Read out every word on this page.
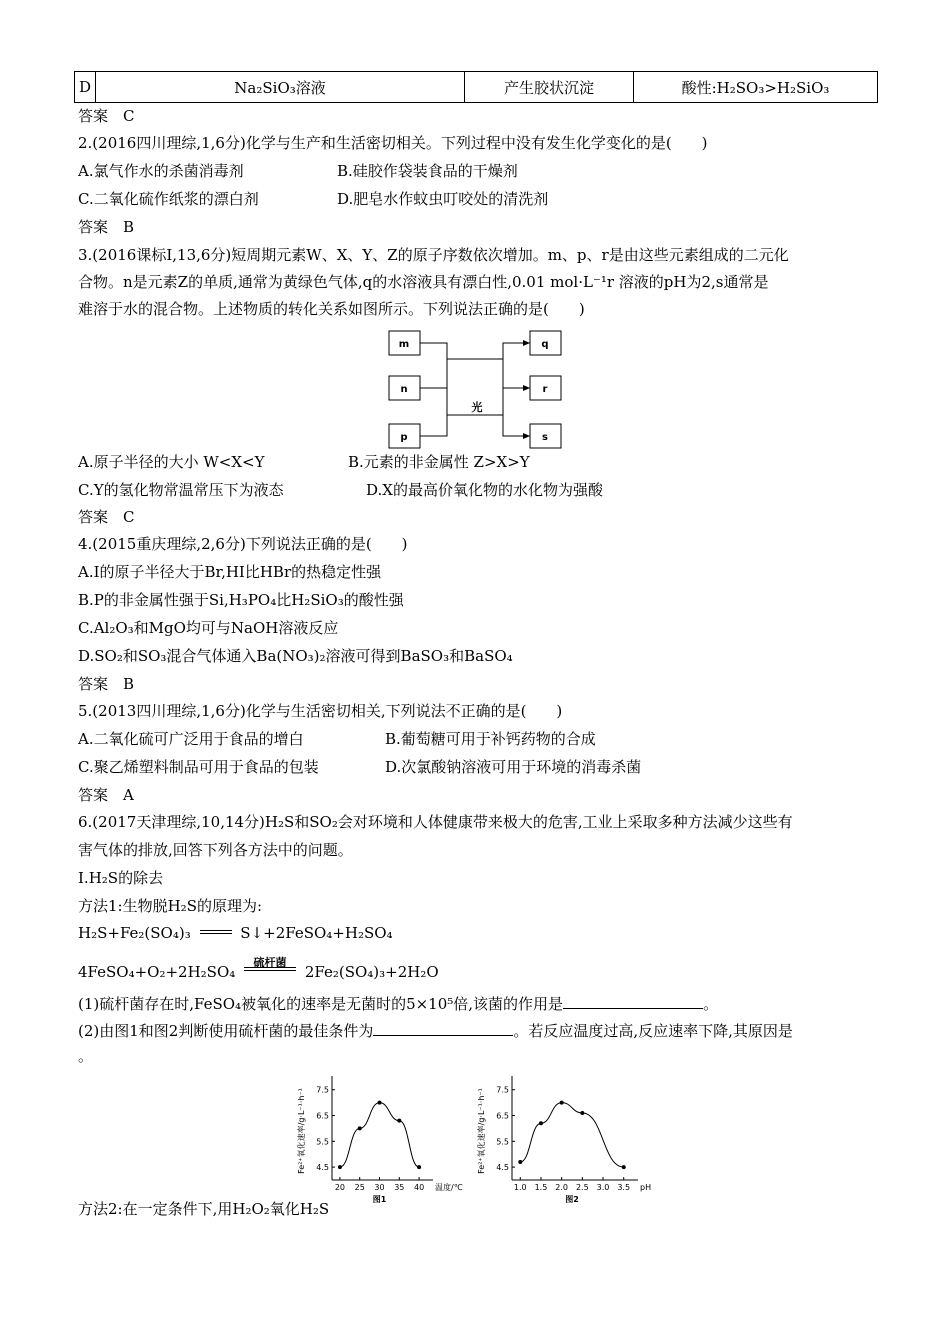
D	Na₂SiO₃溶液	产生胶状沉淀	酸性:H₂SO₃>H₂SiO₃
答案　C
2.(2016四川理综,1,6分)化学与生产和生活密切相关。下列过程中没有发生化学变化的是(　　)
A.氯气作水的杀菌消毒剂	B.硅胶作袋装食品的干燥剂
C.二氧化硫作纸浆的漂白剂	D.肥皂水作蚊虫叮咬处的清洗剂
答案　B
3.(2016课标Ⅰ,13,6分)短周期元素W、X、Y、Z的原子序数依次增加。m、p、r是由这些元素组成的二元化
合物。n是元素Z的单质,通常为黄绿色气体,q的水溶液具有漂白性,0.01 mol·L⁻¹r 溶液的pH为2,s通常是
难溶于水的混合物。上述物质的转化关系如图所示。下列说法正确的是(　　)
m
n
p
q
r
s
光
A.原子半径的大小 W<X<Y	B.元素的非金属性 Z>X>Y
C.Y的氢化物常温常压下为液态	D.X的最高价氧化物的水化物为强酸
答案　C
4.(2015重庆理综,2,6分)下列说法正确的是(　　)
A.I的原子半径大于Br,HI比HBr的热稳定性强
B.P的非金属性强于Si,H₃PO₄比H₂SiO₃的酸性强
C.Al₂O₃和MgO均可与NaOH溶液反应
D.SO₂和SO₃混合气体通入Ba(NO₃)₂溶液可得到BaSO₃和BaSO₄
答案　B
5.(2013四川理综,1,6分)化学与生活密切相关,下列说法不正确的是(　　)
A.二氧化硫可广泛用于食品的增白	B.葡萄糖可用于补钙药物的合成
C.聚乙烯塑料制品可用于食品的包装	D.次氯酸钠溶液可用于环境的消毒杀菌
答案　A
6.(2017天津理综,10,14分)H₂S和SO₂会对环境和人体健康带来极大的危害,工业上采取多种方法减少这些有
害气体的排放,回答下列各方法中的问题。
Ⅰ.H₂S的除去
方法1:生物脱H₂S的原理为:
H₂S+Fe₂(SO₄)₃	S↓+2FeSO₄+H₂SO₄
4FeSO₄+O₂+2H₂SO₄
硫杆菌
2Fe₂(SO₄)₃+2H₂O
(1)硫杆菌存在时,FeSO₄被氧化的速率是无菌时的5×10⁵倍,该菌的作用是	。
(2)由图1和图2判断使用硫杆菌的最佳条件为	。若反应温度过高,反应速率下降,其原因是
。
4.5
5.5
6.5
7.5
20 25 30 35 40 温度/℃
Fe²⁺氧化速率/g·L⁻¹·h⁻¹
图1
4.5
5.5
6.5
7.5
1.0 1.5 2.0 2.5 3.0 3.5 pH
Fe²⁺氧化速率/g·L⁻¹·h⁻¹
图2
方法2:在一定条件下,用H₂O₂氧化H₂S
